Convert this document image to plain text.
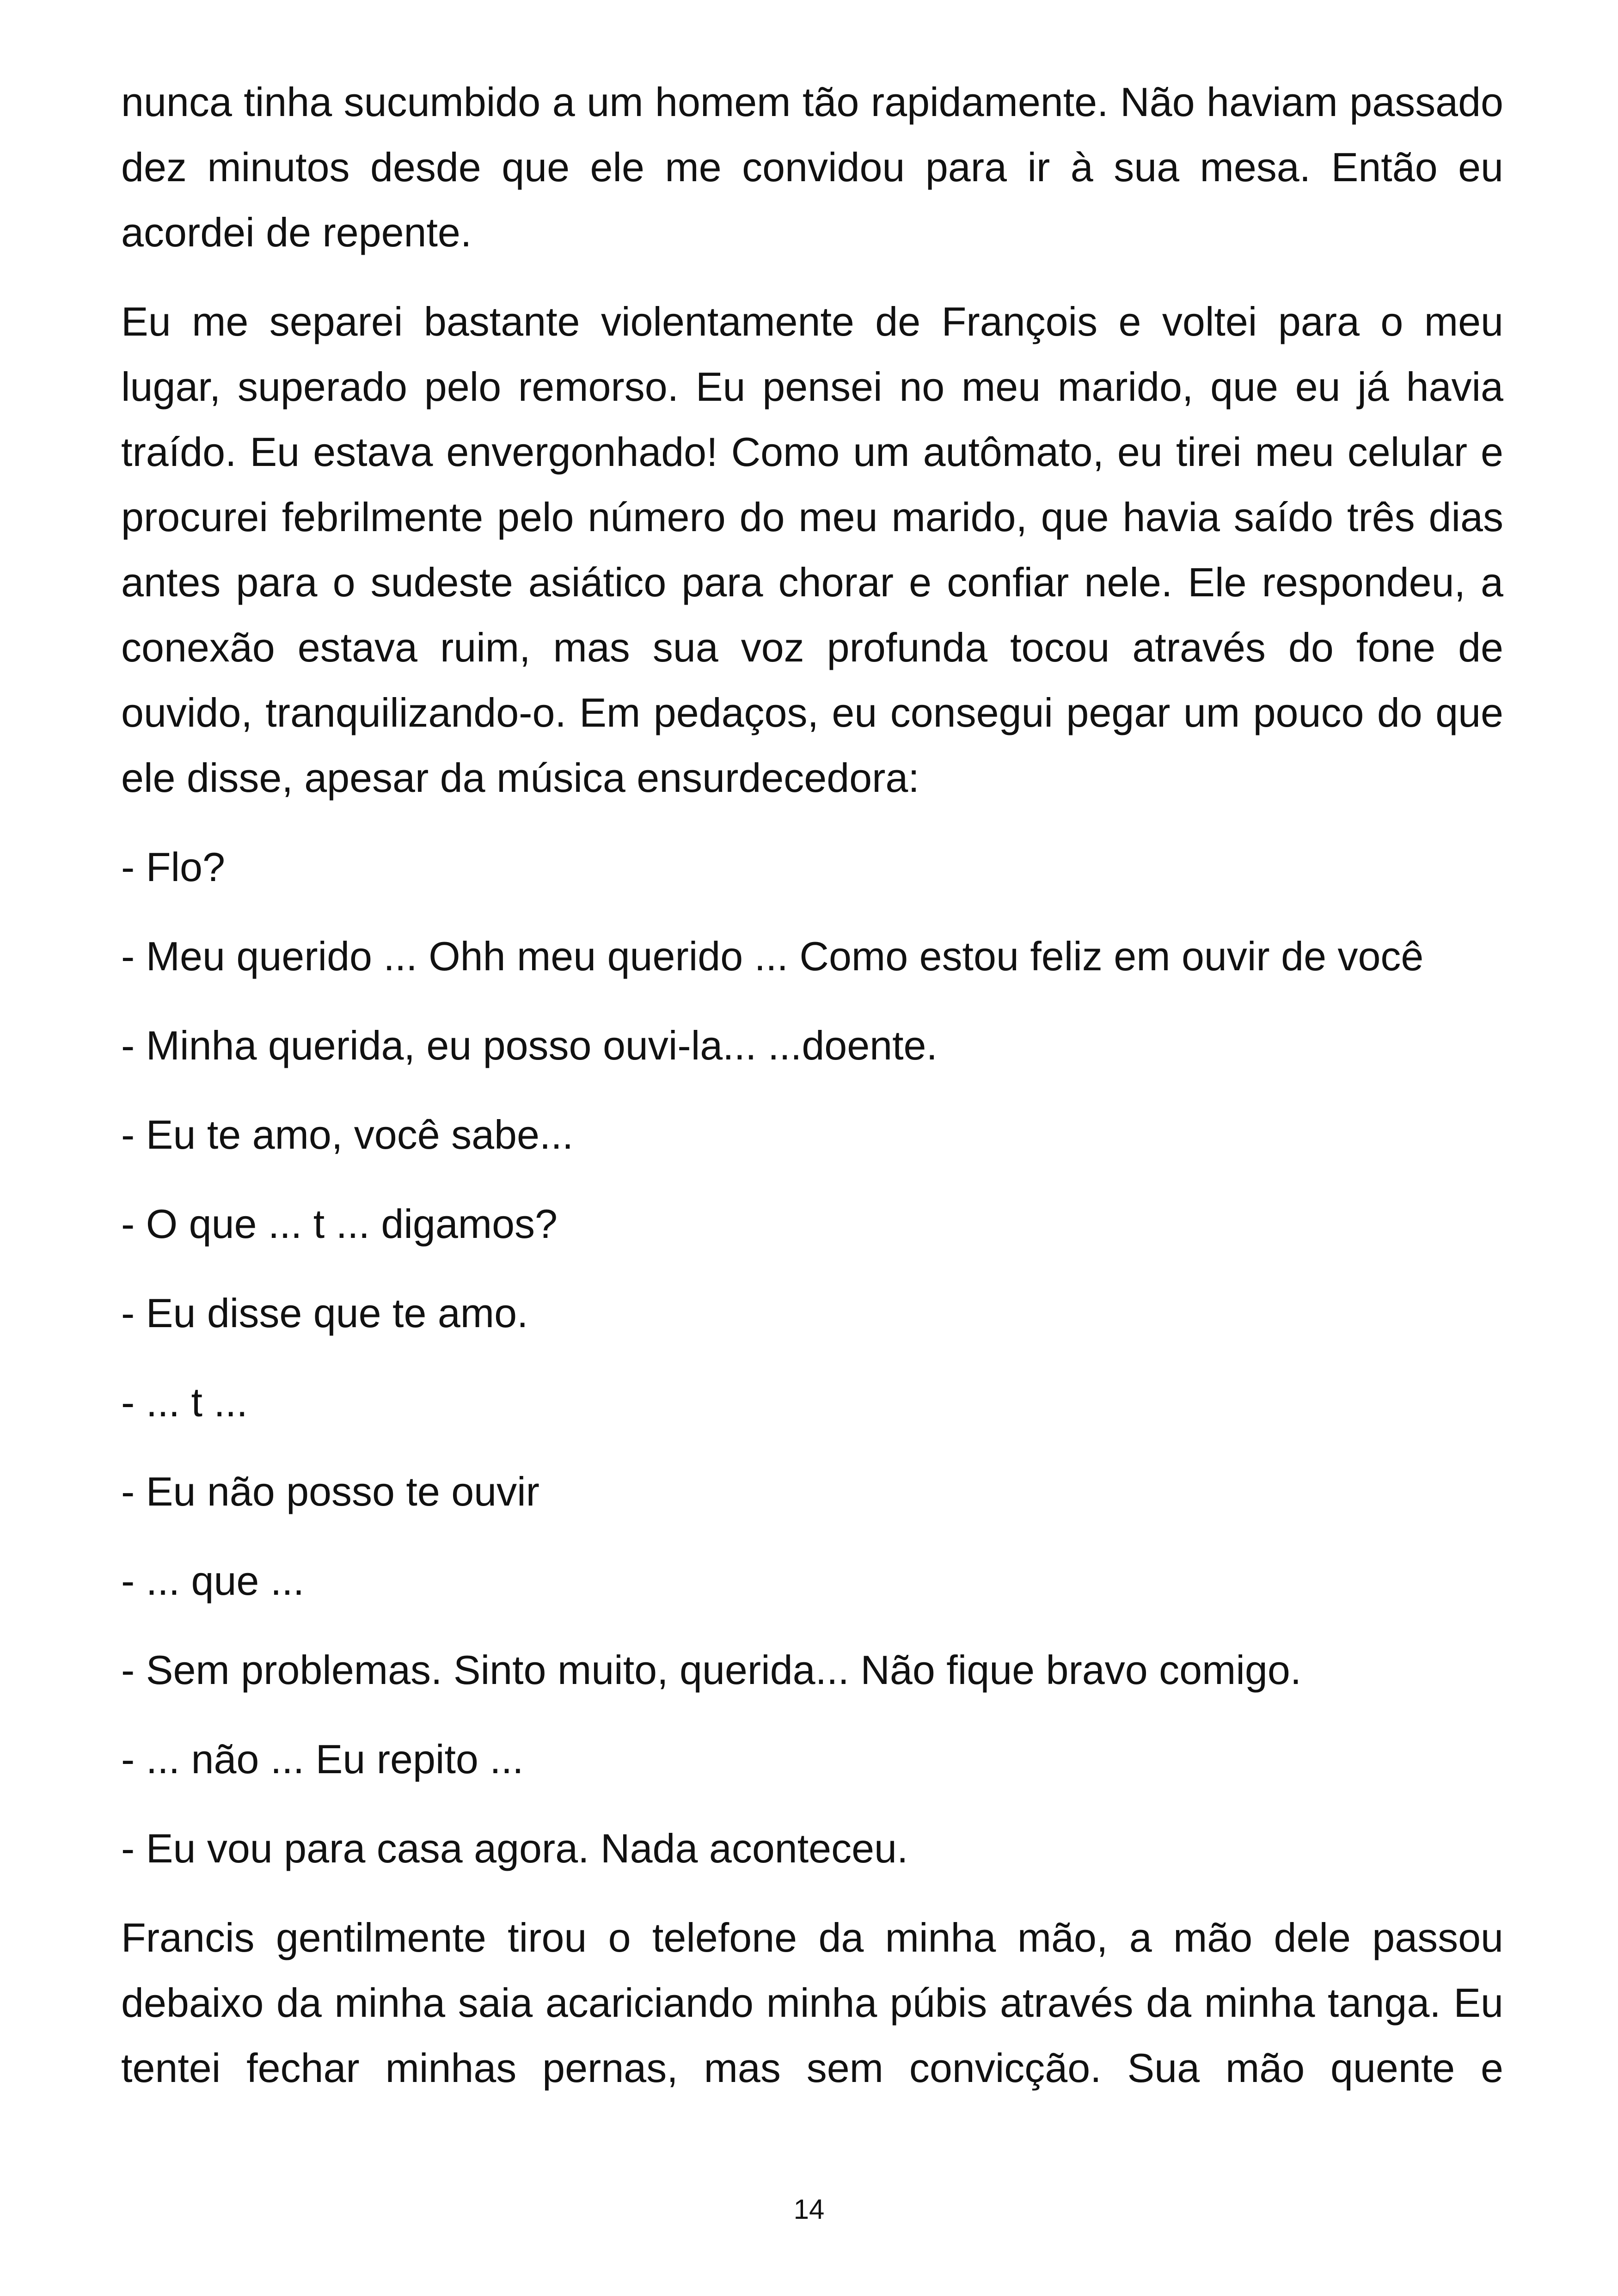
nunca tinha sucumbido a um homem tão rapidamente. Não haviam passado dez minutos desde que ele me convidou para ir à sua mesa. Então eu acordei de repente.

Eu me separei bastante violentamente de François e voltei para o meu lugar, superado pelo remorso. Eu pensei no meu marido, que eu já havia traído. Eu estava envergonhado! Como um autômato, eu tirei meu celular e procurei febrilmente pelo número do meu marido, que havia saído três dias antes para o sudeste asiático para chorar e confiar nele. Ele respondeu, a conexão estava ruim, mas sua voz profunda tocou através do fone de ouvido, tranquilizando-o. Em pedaços, eu consegui pegar um pouco do que ele disse, apesar da música ensurdecedora:

- Flo?

- Meu querido ... Ohh meu querido ... Como estou feliz em ouvir de você

- Minha querida, eu posso ouvi-la... ...doente.

- Eu te amo, você sabe...

- O que ... t ... digamos?

- Eu disse que te amo.

- ... t ...

- Eu não posso te ouvir

- ... que ...

- Sem problemas. Sinto muito, querida... Não fique bravo comigo.

- ... não ... Eu repito ...

- Eu vou para casa agora. Nada aconteceu.

Francis gentilmente tirou o telefone da minha mão, a mão dele passou debaixo da minha saia acariciando minha púbis através da minha tanga. Eu tentei fechar minhas pernas, mas sem convicção. Sua mão quente e

14
